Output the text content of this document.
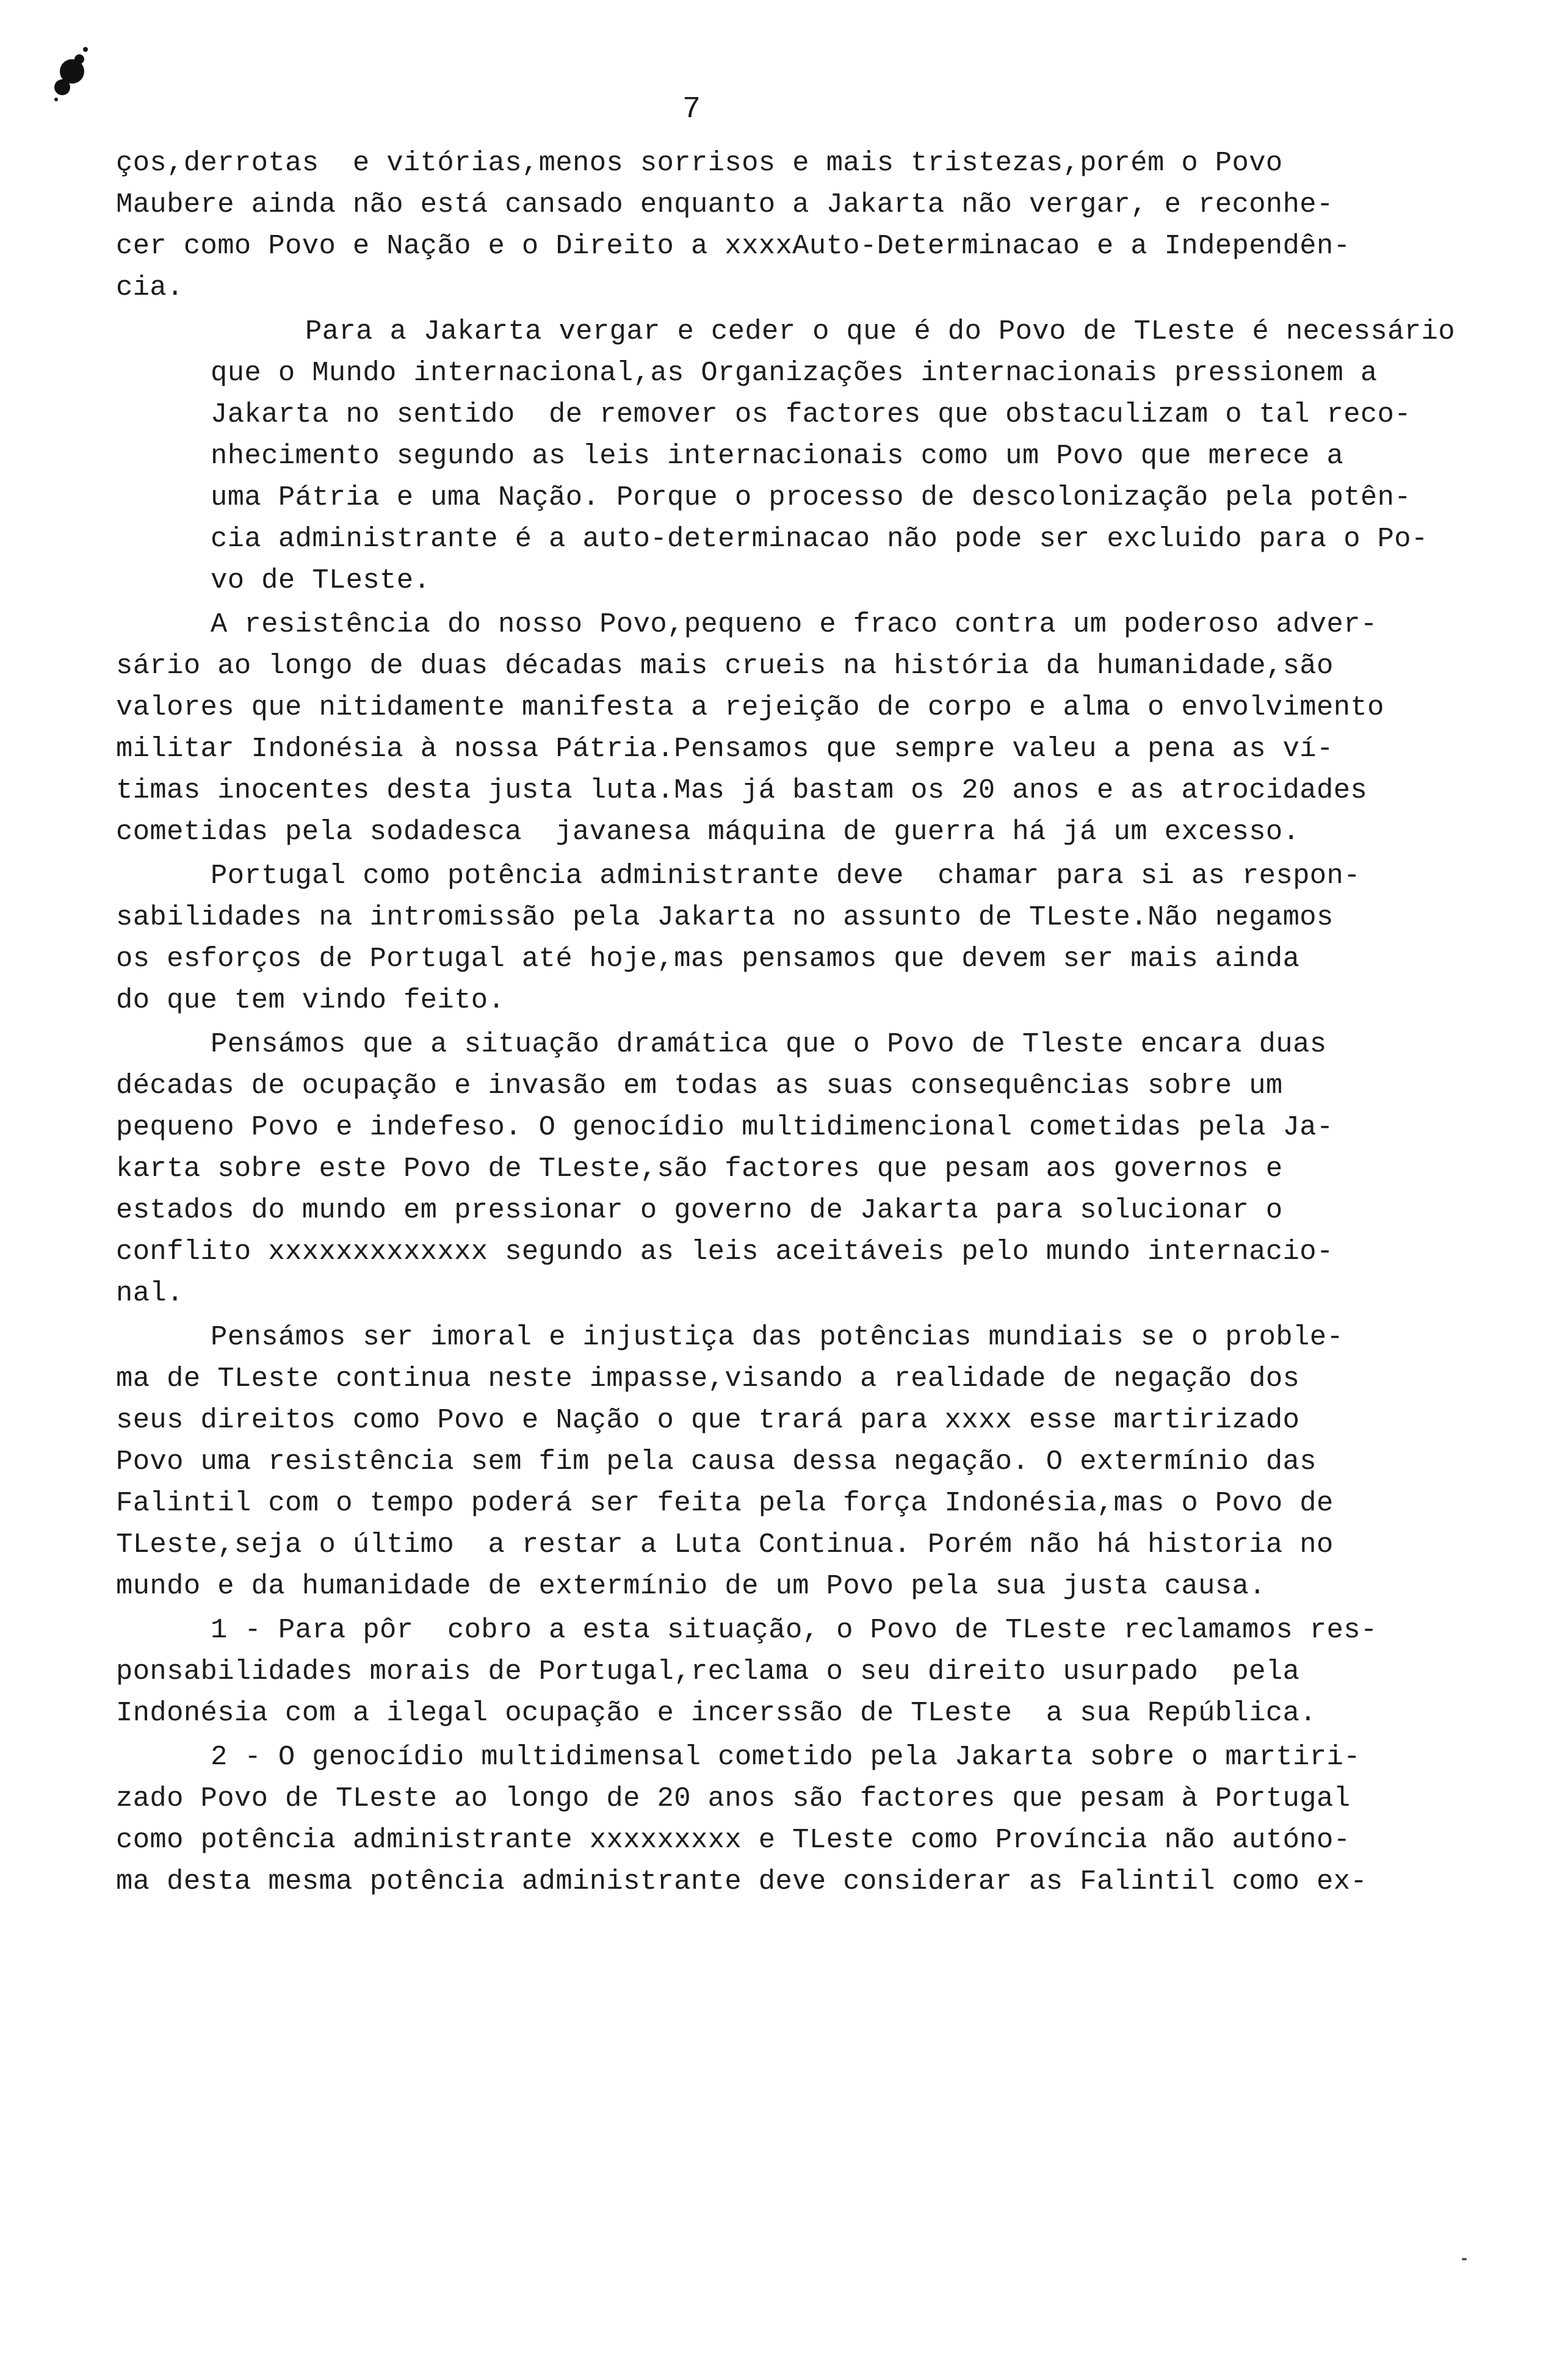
7
ços,derrotas  e vitórias,menos sorrisos e mais tristezas,porém o Povo
Maubere ainda não está cansado enquanto a Jakarta não vergar, e reconhe-
cer como Povo e Nação e o Direito a xxxxAuto-Determinacao e a Independên-
cia.
Para a Jakarta vergar e ceder o que é do Povo de TLeste é necessário
que o Mundo internacional,as Organizações internacionais pressionem a
Jakarta no sentido  de remover os factores que obstaculizam o tal reco-
nhecimento segundo as leis internacionais como um Povo que merece a
uma Pátria e uma Nação. Porque o processo de descolonização pela potên-
cia administrante é a auto-determinacao não pode ser excluido para o Po-
vo de TLeste.
A resistência do nosso Povo,pequeno e fraco contra um poderoso adver-
sário ao longo de duas décadas mais crueis na história da humanidade,são
valores que nitidamente manifesta a rejeição de corpo e alma o envolvimento
militar Indonésia à nossa Pátria.Pensamos que sempre valeu a pena as ví-
timas inocentes desta justa luta.Mas já bastam os 20 anos e as atrocidades
cometidas pela sodadesca  javanesa máquina de guerra há já um excesso.
Portugal como potência administrante deve  chamar para si as respon-
sabilidades na intromissão pela Jakarta no assunto de TLeste.Não negamos
os esforços de Portugal até hoje,mas pensamos que devem ser mais ainda
do que tem vindo feito.
Pensámos que a situação dramática que o Povo de Tleste encara duas
décadas de ocupação e invasão em todas as suas consequências sobre um
pequeno Povo e indefeso. O genocídio multidimencional cometidas pela Ja-
karta sobre este Povo de TLeste,são factores que pesam aos governos e
estados do mundo em pressionar o governo de Jakarta para solucionar o
conflito xxxxxxxxxxxxx segundo as leis aceitáveis pelo mundo internacio-
nal.
Pensámos ser imoral e injustiça das potências mundiais se o proble-
ma de TLeste continua neste impasse,visando a realidade de negação dos
seus direitos como Povo e Nação o que trará para xxxx esse martirizado
Povo uma resistência sem fim pela causa dessa negação. O extermínio das
Falintil com o tempo poderá ser feita pela força Indonésia,mas o Povo de
TLeste,seja o último  a restar a Luta Continua. Porém não há historia no
mundo e da humanidade de extermínio de um Povo pela sua justa causa.
1 - Para pôr  cobro a esta situação, o Povo de TLeste reclamamos res-
ponsabilidades morais de Portugal,reclama o seu direito usurpado  pela
Indonésia com a ilegal ocupação e incerssão de TLeste  a sua República.
2 - O genocídio multidimensal cometido pela Jakarta sobre o martiri-
zado Povo de TLeste ao longo de 20 anos são factores que pesam à Portugal
como potência administrante xxxxxxxxx e TLeste como Província não autóno-
ma desta mesma potência administrante deve considerar as Falintil como ex-
